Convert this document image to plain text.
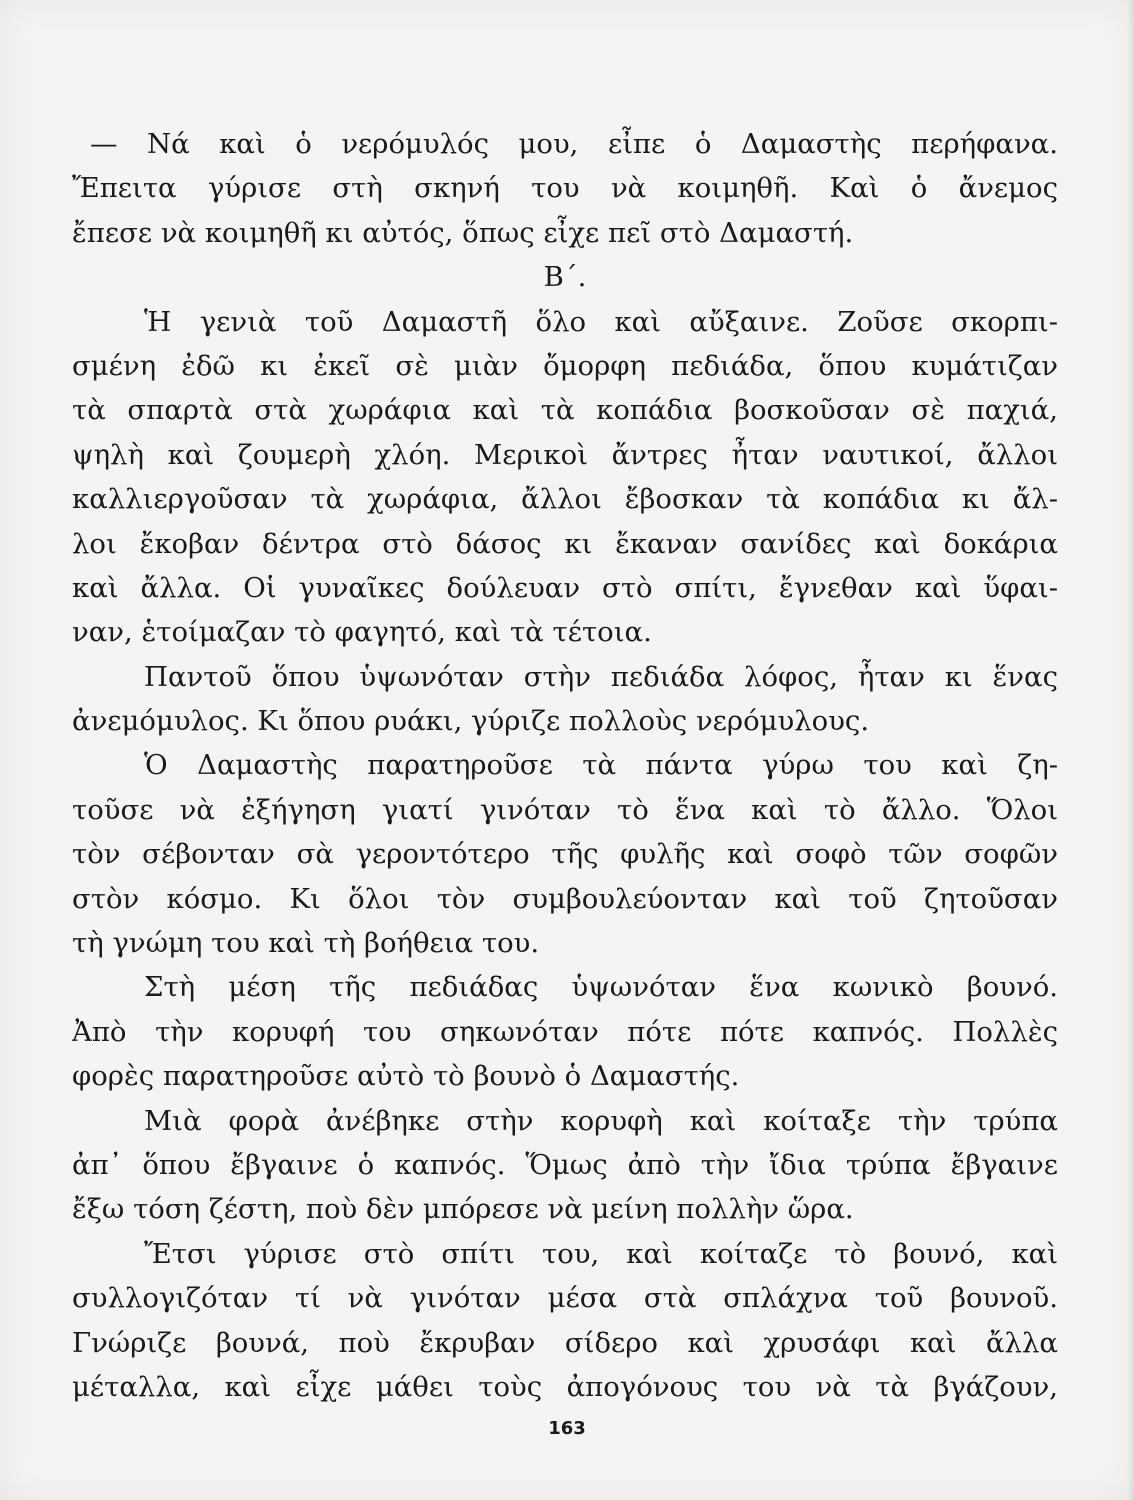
— Νά καὶ ὁ νερόμυλός μου, εἶπε ὁ Δαμαστὴς περήφανα.
Ἔπειτα γύρισε στὴ σκηνή του νὰ κοιμηθῆ. Καὶ ὁ ἄνεμος
ἔπεσε νὰ κοιμηθῆ κι αὐτός, ὅπως εἶχε πεῖ στὸ Δαμαστή.
Β΄.
Ἡ γενιὰ τοῦ Δαμαστῆ ὅλο καὶ αὔξαινε. Ζοῦσε σκορπι-
σμένη ἐδῶ κι ἐκεῖ σὲ μιὰν ὄμορφη πεδιάδα, ὅπου κυμάτιζαν
τὰ σπαρτὰ στὰ χωράφια καὶ τὰ κοπάδια βοσκοῦσαν σὲ παχιά,
ψηλὴ καὶ ζουμερὴ χλόη. Μερικοὶ ἄντρες ἦταν ναυτικοί, ἄλλοι
καλλιεργοῦσαν τὰ χωράφια, ἄλλοι ἔβοσκαν τὰ κοπάδια κι ἄλ-
λοι ἔκοβαν δέντρα στὸ δάσος κι ἔκαναν σανίδες καὶ δοκάρια
καὶ ἄλλα. Οἱ γυναῖκες δούλευαν στὸ σπίτι, ἔγνεθαν καὶ ὕφαι-
ναν, ἑτοίμαζαν τὸ φαγητό, καὶ τὰ τέτοια.
Παντοῦ ὅπου ὑψωνόταν στὴν πεδιάδα λόφος, ἦταν κι ἕνας
ἀνεμόμυλος. Κι ὅπου ρυάκι, γύριζε πολλοὺς νερόμυλους.
Ὁ Δαμαστὴς παρατηροῦσε τὰ πάντα γύρω του καὶ ζη-
τοῦσε νὰ ἐξήγηση γιατί γινόταν τὸ ἕνα καὶ τὸ ἄλλο. Ὅλοι
τὸν σέβονταν σὰ γεροντότερο τῆς φυλῆς καὶ σοφὸ τῶν σοφῶν
στὸν κόσμο. Κι ὅλοι τὸν συμβουλεύονταν καὶ τοῦ ζητοῦσαν
τὴ γνώμη του καὶ τὴ βοήθεια του.
Στὴ μέση τῆς πεδιάδας ὑψωνόταν ἕνα κωνικὸ βουνό.
Ἀπὸ τὴν κορυφή του σηκωνόταν πότε πότε καπνός. Πολλὲς
φορὲς παρατηροῦσε αὐτὸ τὸ βουνὸ ὁ Δαμαστής.
Μιὰ φορὰ ἀνέβηκε στὴν κορυφὴ καὶ κοίταξε τὴν τρύπα
ἀπ᾿ ὅπου ἔβγαινε ὁ καπνός. Ὅμως ἀπὸ τὴν ἴδια τρύπα ἔβγαινε
ἔξω τόση ζέστη, ποὺ δὲν μπόρεσε νὰ μείνη πολλὴν ὥρα.
Ἔτσι γύρισε στὸ σπίτι του, καὶ κοίταζε τὸ βουνό, καὶ
συλλογιζόταν τί νὰ γινόταν μέσα στὰ σπλάχνα τοῦ βουνοῦ.
Γνώριζε βουνά, ποὺ ἔκρυβαν σίδερο καὶ χρυσάφι καὶ ἄλλα
μέταλλα, καὶ εἶχε μάθει τοὺς ἀπογόνους του νὰ τὰ βγάζουν,
163
